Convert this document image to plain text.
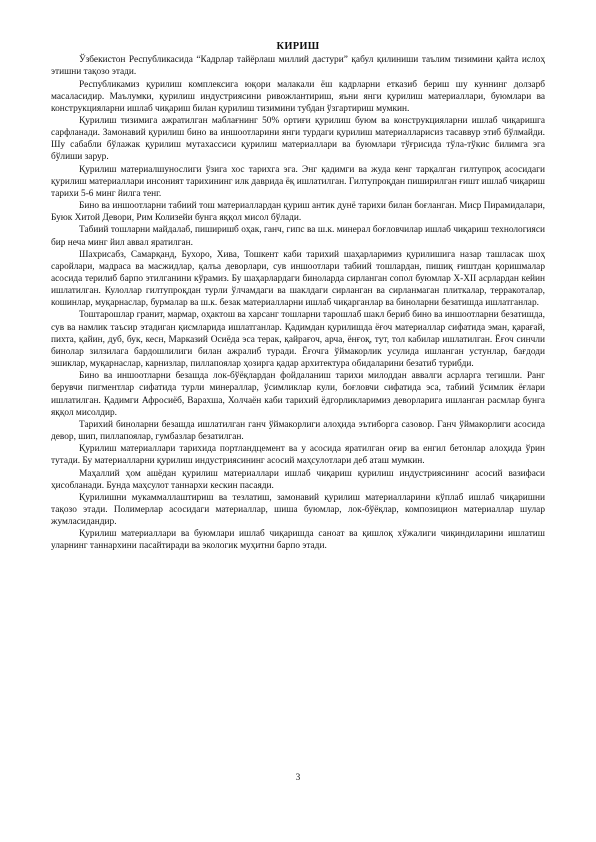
КИРИШ

Ўзбекистон Республикасида “Кадрлар тайёрлаш миллий дастури” қабул қилиниши таълим тизимини қайта ислоҳ этишни тақозо этади.

Республикамиз қурилиш комплексига юқори малакали ёш кадрларни етказиб бериш шу куннинг долзарб масаласидир. Маълумки, қурилиш индустриясини ривожлантириш, яъни янги қурилиш материаллари, буюмлари ва конструкцияларни ишлаб чиқариш билан қурилиш тизимини тубдан ўзгартириш мумкин.

Қурилиш тизимига ажратилган маблағнинг 50% ортиғи қурилиш буюм ва конструкцияларни ишлаб чиқаришга сарфланади. Замонавий қурилиш бино ва иншоотларини янги турдаги қурилиш материалларисиз тасаввур этиб бўлмайди. Шу сабабли бўлажак қурилиш мутахассиси қурилиш материаллари ва буюмлари тўғрисида тўла-тўкис билимга эга бўлиши зарур.

Қурилиш материалшунослиги ўзига хос тарихга эга. Энг қадимги ва жуда кенг тарқалган гилтупроқ асосидаги қурилиш материаллари инсоният тарихининг илк даврида ёқ ишлатилган. Гилтупроқдан пиширилган ғишт ишлаб чиқариш тарихи 5-6 минг йилга тенг.

Бино ва иншоотларни табиий тош материаллардан қуриш антик дунё тарихи билан боғланган. Миср Пирамидалари, Буюк Хитой Девори, Рим Колизейи бунга яққол мисол бўлади.

Табиий тошларни майдалаб, пиширишб оҳак, ганч, гипс ва ш.к. минерал боғловчилар ишлаб чиқариш технологияси бир неча минг йил аввал яратилган.

Шахрисабз, Самарқанд, Бухоро, Хива, Тошкент каби тарихий шаҳарларимиз қурилишига назар ташласак шоҳ саройлари, мадраса ва масжидлар, қалъа деворлари, сув иншоотлари табиий тошлардан, пишиқ ғиштдан қоришмалар асосида терилиб барпо этилганини кўрамиз. Бу шаҳарлардаги биноларда сирланган сопол буюмлар X-XII асрлардан кейин ишлатилган. Кулоллар гилтупроқдан турли ўлчамдаги ва шаклдаги сирланган ва сирланмаган плиткалар, терракоталар, кошинлар, муқарнаслар, бурмалар ва ш.к. безак материалларни ишлаб чиқарганлар ва биноларни безатишда ишлатганлар.

Тоштарошлар гранит, мармар, оҳактош ва харсанг тошларни тарошлаб шакл бериб бино ва иншоотларни безатишда, сув ва намлик таъсир этадиган қисмларида ишлатганлар. Қадимдан қурилишда ёғоч материаллар сифатида эман, қарағай, пихта, қайин, дуб, бук, кесн, Марказий Осиёда эса терак, қайрағоч, арча, ёнғоқ, тут, тол кабилар ишлатилган. Ёғоч синчли бинолар зилзилага бардошлилиги билан ажралиб туради. Ёғочга ўймакорлик усулида ишланган устунлар, бағдоди эшиклар, муқарнаслар, карнизлар, пиллапоялар ҳозирга қадар архитектура обидаларини безатиб турибди.

Бино ва иншоотларни безашда лок-бўёқлардан фойдаланиш тарихи милоддан аввалги асрларга тегишли. Ранг берувчи пигментлар сифатида турли минераллар, ўсимликлар кули, боғловчи сифатида эса, табиий ўсимлик ёғлари ишлатилган. Қадимги Афросиёб, Варахша, Холчаён каби тарихий ёдгорликларимиз деворларига ишланган расмлар бунга яққол мисолдир.

Тарихий биноларни безашда ишлатилган ганч ўймакорлиги алоҳида эътиборга сазовор. Ганч ўймакорлиги асосида девор, шип, пиллапоялар, гумбазлар безатилган.

Қурилиш материаллари тарихида портландцемент ва у асосида яратилган оғир ва енгил бетонлар алоҳида ўрин тутади. Бу материалларни қурилиш индустриясининг асосий маҳсулотлари деб аташ мумкин.

Маҳаллий ҳом ашёдан қурилиш материаллари ишлаб чиқариш қурилиш индустриясининг асосий вазифаси ҳисобланади. Бунда маҳсулот таннархи кескин пасаяди.

Қурилишни мукаммаллаштириш ва тезлатиш, замонавий қурилиш материалларини кўплаб ишлаб чиқаришни тақозо этади. Полимерлар асосидаги материаллар, шиша буюмлар, лок-бўёқлар, композицион материаллар шулар жумласидандир.

Қурилиш материаллари ва буюмлари ишлаб чиқаришда саноат ва қишлоқ хўжалиги чиқиндиларини ишлатиш уларнинг таннархини пасайтиради ва экологик муҳитни барпо этади.

3
